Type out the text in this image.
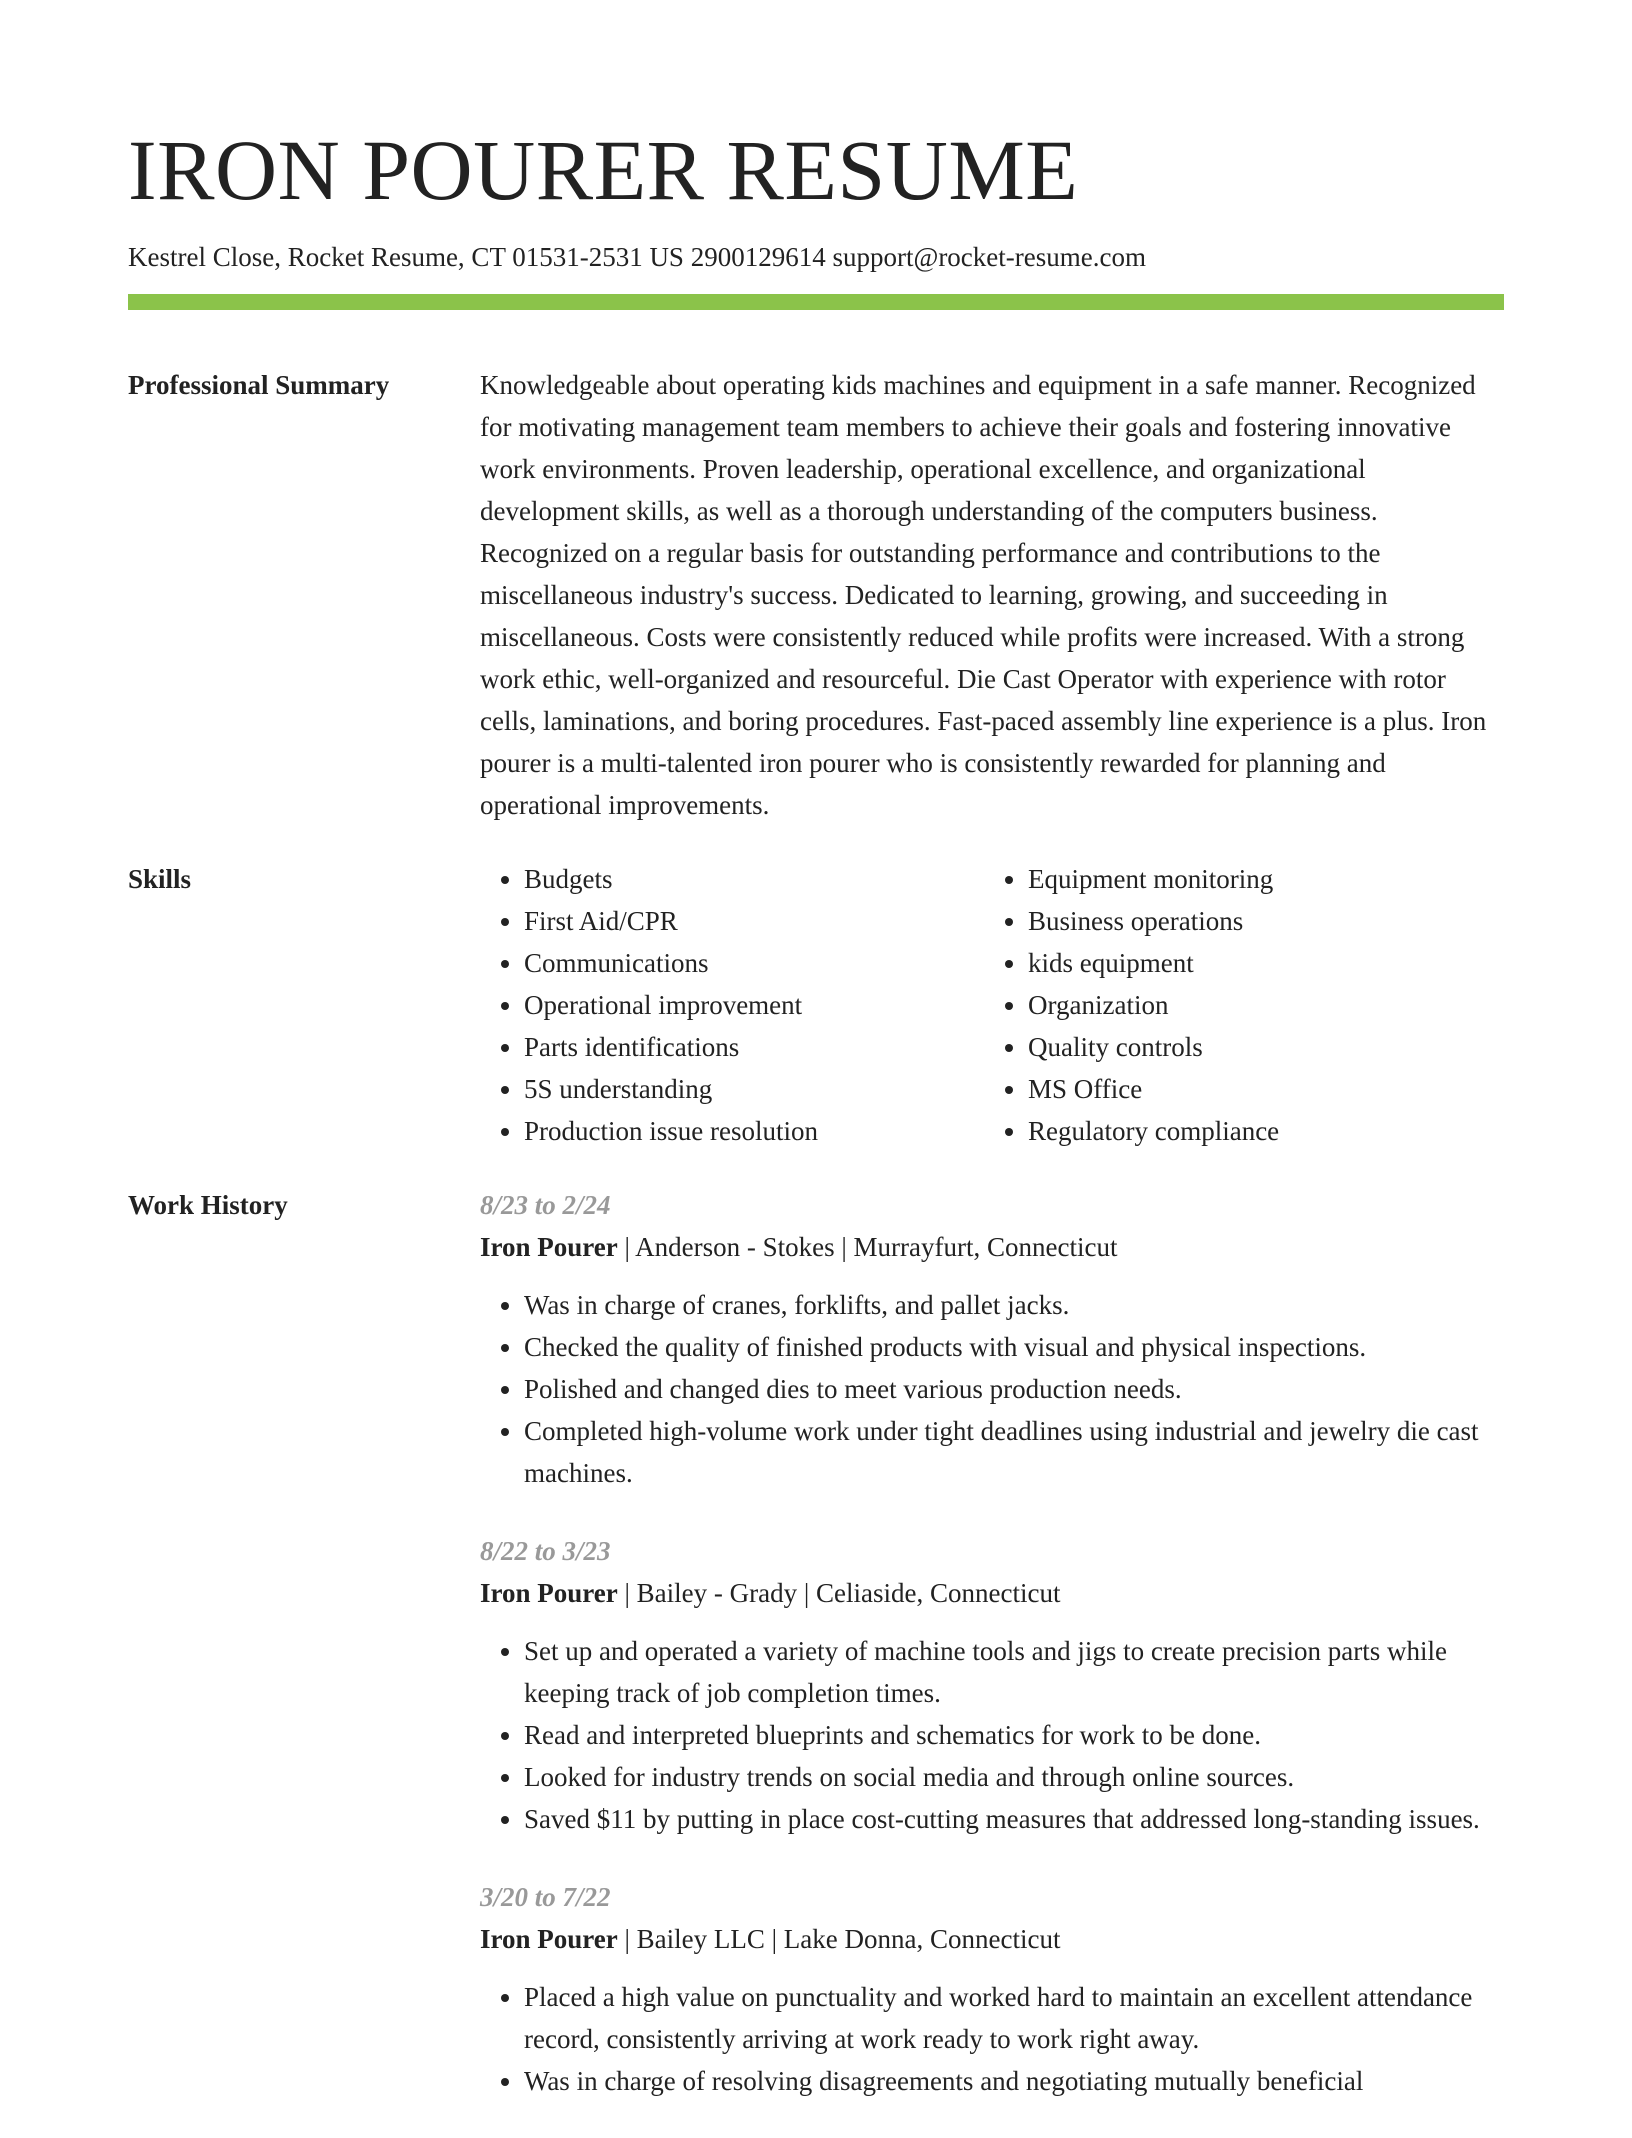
IRON POURER RESUME
Kestrel Close, Rocket Resume, CT 01531-2531 US 2900129614 support@rocket-resume.com
Professional Summary	Knowledgeable about operating kids machines and equipment in a safe manner. Recognized for motivating management team members to achieve their goals and fostering innovative work environments. Proven leadership, operational excellence, and organizational development skills, as well as a thorough understanding of the computers business. Recognized on a regular basis for outstanding performance and contributions to the miscellaneous industry's success. Dedicated to learning, growing, and succeeding in miscellaneous. Costs were consistently reduced while profits were increased. With a strong work ethic, well-organized and resourceful. Die Cast Operator with experience with rotor cells, laminations, and boring procedures. Fast-paced assembly line experience is a plus. Iron pourer is a multi-talented iron pourer who is consistently rewarded for planning and operational improvements.

Skills
•	Budgets
• First Aid/CPR
• Communications
• Operational improvement
• Parts identifications
• 5S understanding
• Production issue resolution
• Equipment monitoring
• Business operations
• kids equipment
• Organization
• Quality controls
• MS Office
• Regulatory compliance
Work History	8/23 to 2/24
Iron Pourer | Anderson - Stokes | Murrayfurt, Connecticut
• Was in charge of cranes, forklifts, and pallet jacks.
• Checked the quality of finished products with visual and physical inspections.
• Polished and changed dies to meet various production needs.
• Completed high-volume work under tight deadlines using industrial and jewelry die cast machines.
8/22 to 3/23
Iron Pourer | Bailey - Grady | Celiaside, Connecticut
• Set up and operated a variety of machine tools and jigs to create precision parts while keeping track of job completion times.
• Read and interpreted blueprints and schematics for work to be done.
• Looked for industry trends on social media and through online sources.
• Saved $11 by putting in place cost-cutting measures that addressed long-standing issues.
3/20 to 7/22
Iron Pourer | Bailey LLC | Lake Donna, Connecticut
• Placed a high value on punctuality and worked hard to maintain an excellent attendance record, consistently arriving at work ready to work right away.
• Was in charge of resolving disagreements and negotiating mutually beneficial
